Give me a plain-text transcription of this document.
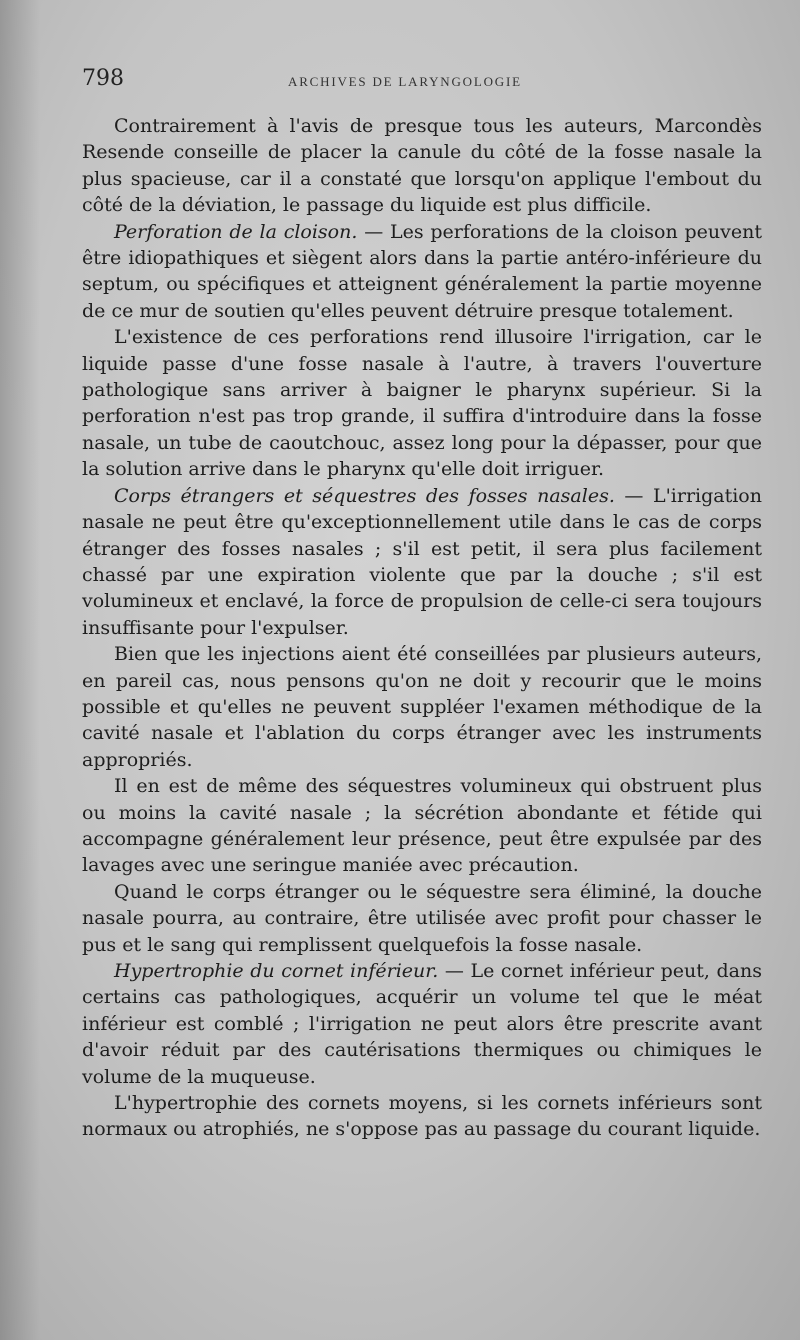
798	ARCHIVES DE LARYNGOLOGIE

Contrairement à l'avis de presque tous les auteurs, Marcondès Resende conseille de placer la canule du côté de la fosse nasale la plus spacieuse, car il a constaté que lorsqu'on applique l'embout du côté de la déviation, le passage du liquide est plus difficile.

Perforation de la cloison. — Les perforations de la cloison peuvent être idiopathiques et siègent alors dans la partie antéro-inférieure du septum, ou spécifiques et atteignent généralement la partie moyenne de ce mur de soutien qu'elles peuvent détruire presque totalement.

L'existence de ces perforations rend illusoire l'irrigation, car le liquide passe d'une fosse nasale à l'autre, à travers l'ouverture pathologique sans arriver à baigner le pharynx supérieur. Si la perforation n'est pas trop grande, il suffira d'introduire dans la fosse nasale, un tube de caoutchouc, assez long pour la dépasser, pour que la solution arrive dans le pharynx qu'elle doit irriguer.

Corps étrangers et séquestres des fosses nasales. — L'irrigation nasale ne peut être qu'exceptionnellement utile dans le cas de corps étranger des fosses nasales ; s'il est petit, il sera plus facilement chassé par une expiration violente que par la douche ; s'il est volumineux et enclavé, la force de propulsion de celle-ci sera toujours insuffisante pour l'expulser.

Bien que les injections aient été conseillées par plusieurs auteurs, en pareil cas, nous pensons qu'on ne doit y recourir que le moins possible et qu'elles ne peuvent suppléer l'examen méthodique de la cavité nasale et l'ablation du corps étranger avec les instruments appropriés.

Il en est de même des séquestres volumineux qui obstruent plus ou moins la cavité nasale ; la sécrétion abondante et fétide qui accompagne généralement leur présence, peut être expulsée par des lavages avec une seringue maniée avec précaution.

Quand le corps étranger ou le séquestre sera éliminé, la douche nasale pourra, au contraire, être utilisée avec profit pour chasser le pus et le sang qui remplissent quelquefois la fosse nasale.

Hypertrophie du cornet inférieur. — Le cornet inférieur peut, dans certains cas pathologiques, acquérir un volume tel que le méat inférieur est comblé ; l'irrigation ne peut alors être prescrite avant d'avoir réduit par des cautérisations thermiques ou chimiques le volume de la muqueuse.

L'hypertrophie des cornets moyens, si les cornets inférieurs sont normaux ou atrophiés, ne s'oppose pas au passage du courant liquide.
